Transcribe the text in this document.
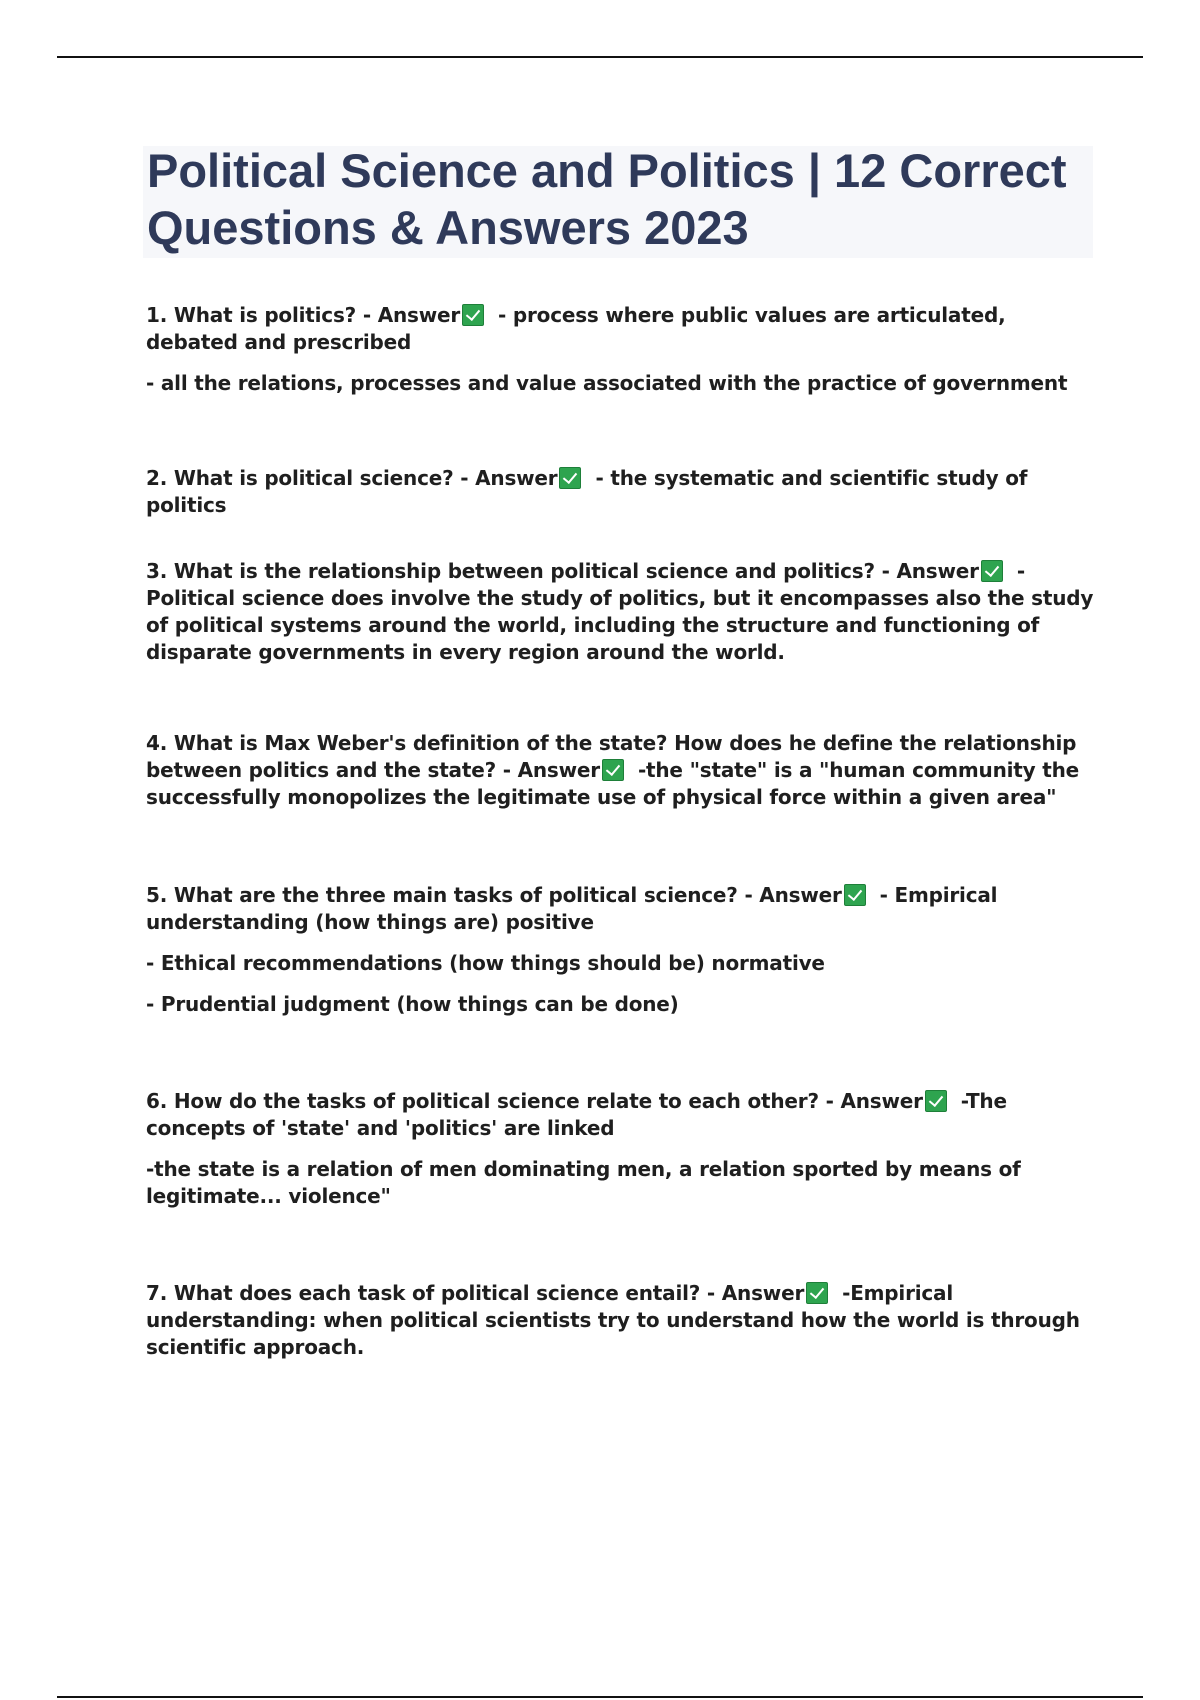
Political Science and Politics | 12 Correct Questions & Answers 2023

1. What is politics? - Answer - process where public values are articulated, debated and prescribed

- all the relations, processes and value associated with the practice of government

2. What is political science? - Answer - the systematic and scientific study of politics

3. What is the relationship between political science and politics? - Answer - Political science does involve the study of politics, but it encompasses also the study of political systems around the world, including the structure and functioning of disparate governments in every region around the world.

4. What is Max Weber's definition of the state? How does he define the relationship between politics and the state? - Answer -the "state" is a "human community the successfully monopolizes the legitimate use of physical force within a given area"

5. What are the three main tasks of political science? - Answer - Empirical understanding (how things are) positive

- Ethical recommendations (how things should be) normative

- Prudential judgment (how things can be done)

6. How do the tasks of political science relate to each other? - Answer -The concepts of 'state' and 'politics' are linked

-the state is a relation of men dominating men, a relation sported by means of legitimate... violence"

7. What does each task of political science entail? - Answer -Empirical understanding: when political scientists try to understand how the world is through scientific approach.
